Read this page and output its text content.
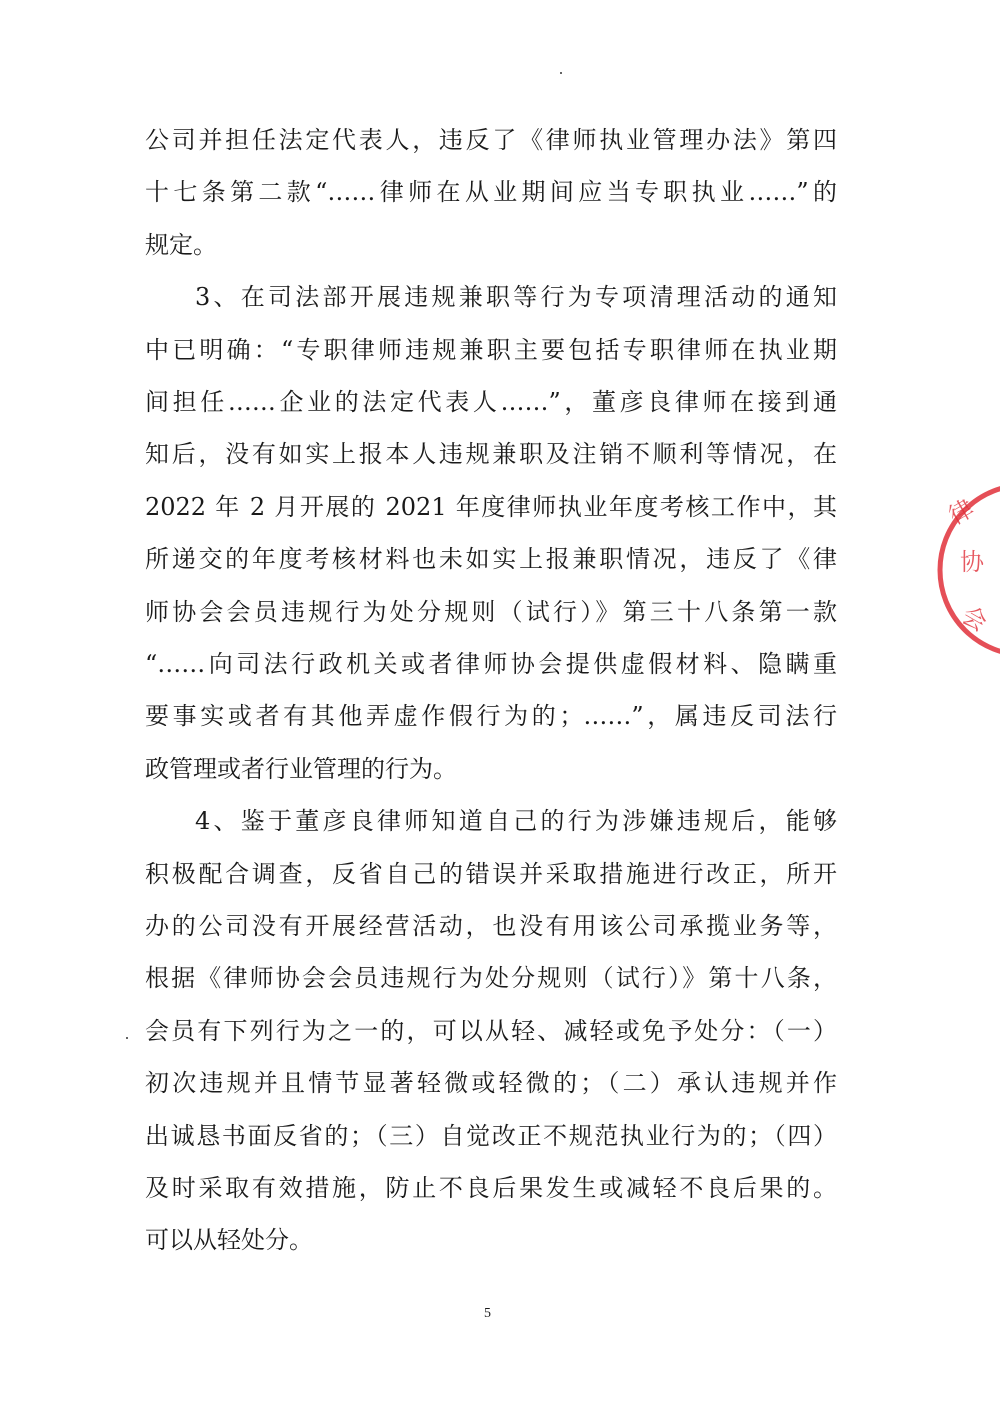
公司并担任法定代表人，违反了《律师执业管理办法》第四
十七条第二款“……律师在从业期间应当专职执业……”的
规定。
3、在司法部开展违规兼职等行为专项清理活动的通知
中已明确：“专职律师违规兼职主要包括专职律师在执业期
间担任……企业的法定代表人……”，董彦良律师在接到通
知后，没有如实上报本人违规兼职及注销不顺利等情况，在
2022 年 2 月开展的 2021 年度律师执业年度考核工作中，其
所递交的年度考核材料也未如实上报兼职情况，违反了《律
师协会会员违规行为处分规则（试行）》第三十八条第一款
“……向司法行政机关或者律师协会提供虚假材料、隐瞒重
要事实或者有其他弄虚作假行为的；……”，属违反司法行
政管理或者行业管理的行为。
4、鉴于董彦良律师知道自己的行为涉嫌违规后，能够
积极配合调查，反省自己的错误并采取措施进行改正，所开
办的公司没有开展经营活动，也没有用该公司承揽业务等，
根据《律师协会会员违规行为处分规则（试行）》第十八条，
会员有下列行为之一的，可以从轻、减轻或免予处分：（一）
初次违规并且情节显著轻微或轻微的；（二）承认违规并作
出诚恳书面反省的；（三）自觉改正不规范执业行为的；（四）
及时采取有效措施，防止不良后果发生或减轻不良后果的。
可以从轻处分。
5
律
协
会
